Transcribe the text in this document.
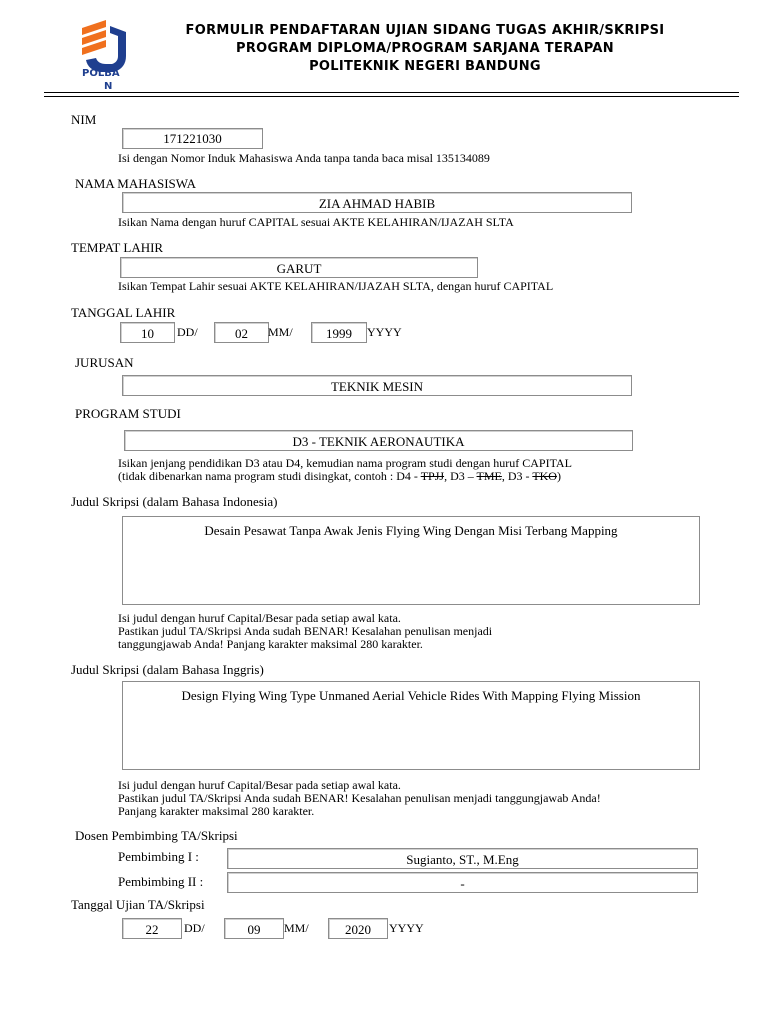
POLBA
N
FORMULIR PENDAFTARAN UJIAN SIDANG TUGAS AKHIR/SKRIPSI
PROGRAM DIPLOMA/PROGRAM SARJANA TERAPAN
POLITEKNIK NEGERI BANDUNG
NIM
171221030
Isi dengan Nomor Induk Mahasiswa Anda tanpa tanda baca misal 135134089
NAMA MAHASISWA
ZIA AHMAD HABIB
Isikan Nama dengan huruf CAPITAL sesuai AKTE KELAHIRAN/IJAZAH SLTA
TEMPAT LAHIR
GARUT
Isikan Tempat Lahir sesuai AKTE KELAHIRAN/IJAZAH SLTA, dengan huruf CAPITAL
TANGGAL LAHIR
10	DD/	02	MM/	1999	YYYY
JURUSAN
TEKNIK MESIN
PROGRAM STUDI
D3 - TEKNIK AERONAUTIKA
Isikan jenjang pendidikan D3 atau D4, kemudian nama program studi dengan huruf CAPITAL
(tidak dibenarkan nama program studi disingkat, contoh : D4 - TPJJ, D3 – TME, D3 - TKO)
Judul Skripsi (dalam Bahasa Indonesia)
Desain Pesawat Tanpa Awak Jenis Flying Wing Dengan Misi Terbang Mapping
Isi judul dengan huruf Capital/Besar pada setiap awal kata.
Pastikan judul TA/Skripsi Anda sudah BENAR! Kesalahan penulisan menjadi
tanggungjawab Anda! Panjang karakter maksimal 280 karakter.
Judul Skripsi (dalam Bahasa Inggris)
Design Flying Wing Type Unmaned Aerial Vehicle Rides With Mapping Flying Mission
Isi judul dengan huruf Capital/Besar pada setiap awal kata.
Pastikan judul TA/Skripsi Anda sudah BENAR! Kesalahan penulisan menjadi tanggungjawab Anda!
Panjang karakter maksimal 280 karakter.
Dosen Pembimbing TA/Skripsi
Pembimbing I :	Sugianto, ST., M.Eng
Pembimbing II :	-
Tanggal Ujian TA/Skripsi
22	DD/	09	MM/	2020	YYYY
